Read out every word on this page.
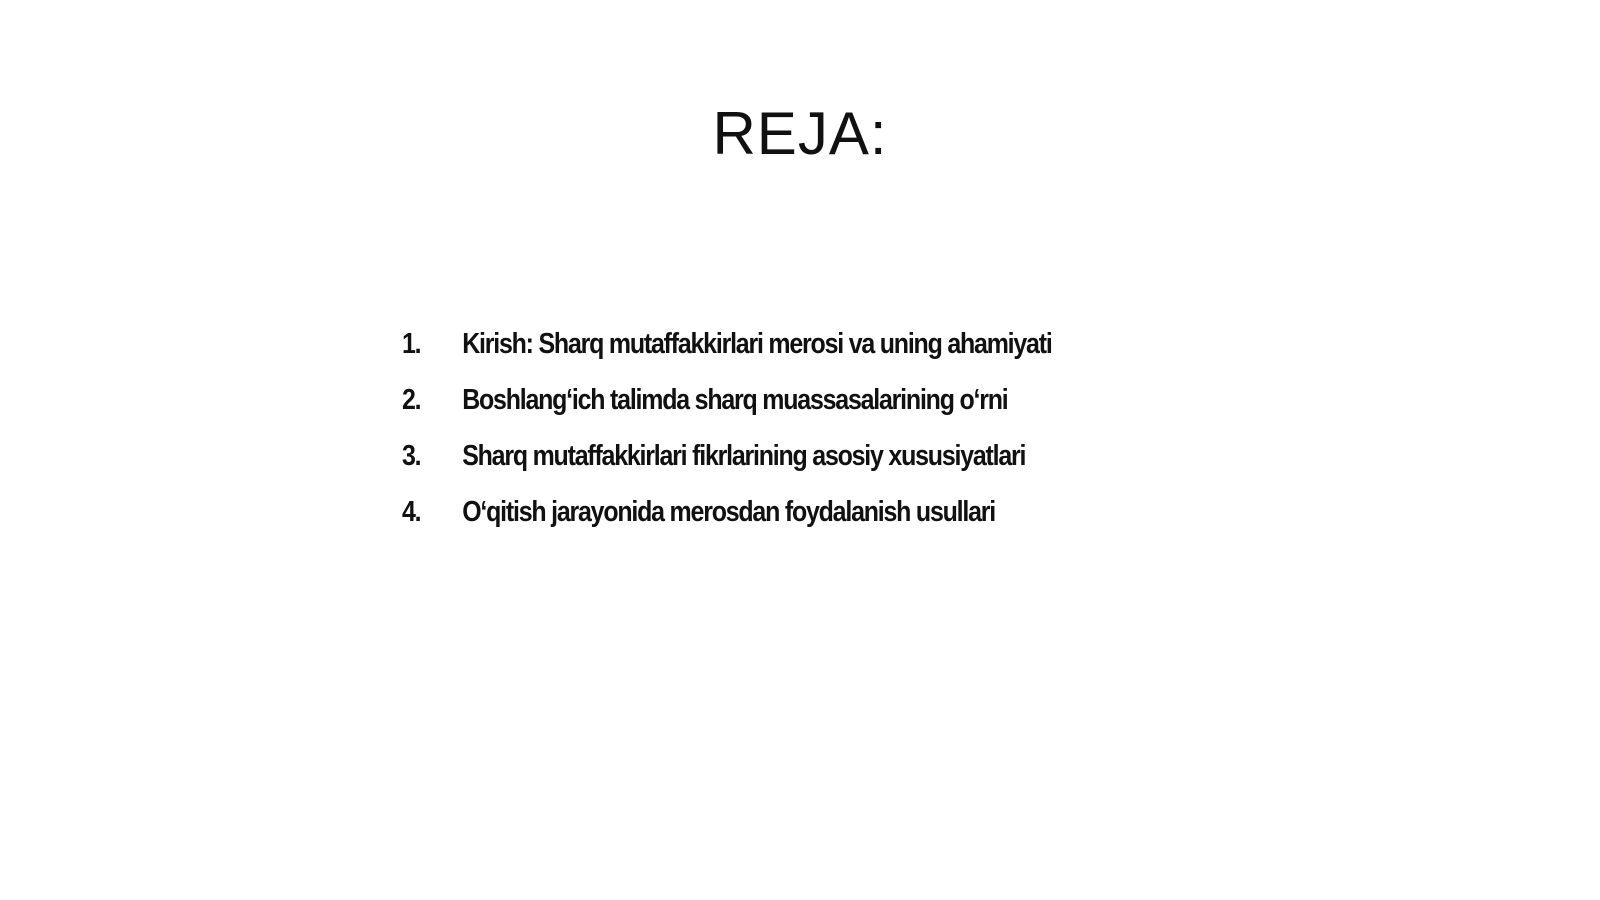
REJA:
1.	Kirish: Sharq mutaffakkirlari merosi va uning ahamiyati
2.	Boshlang‘ich talimda sharq muassasalarining o‘rni
3.	Sharq mutaffakkirlari fikrlarining asosiy xususiyatlari
4.	O‘qitish jarayonida merosdan foydalanish usullari
